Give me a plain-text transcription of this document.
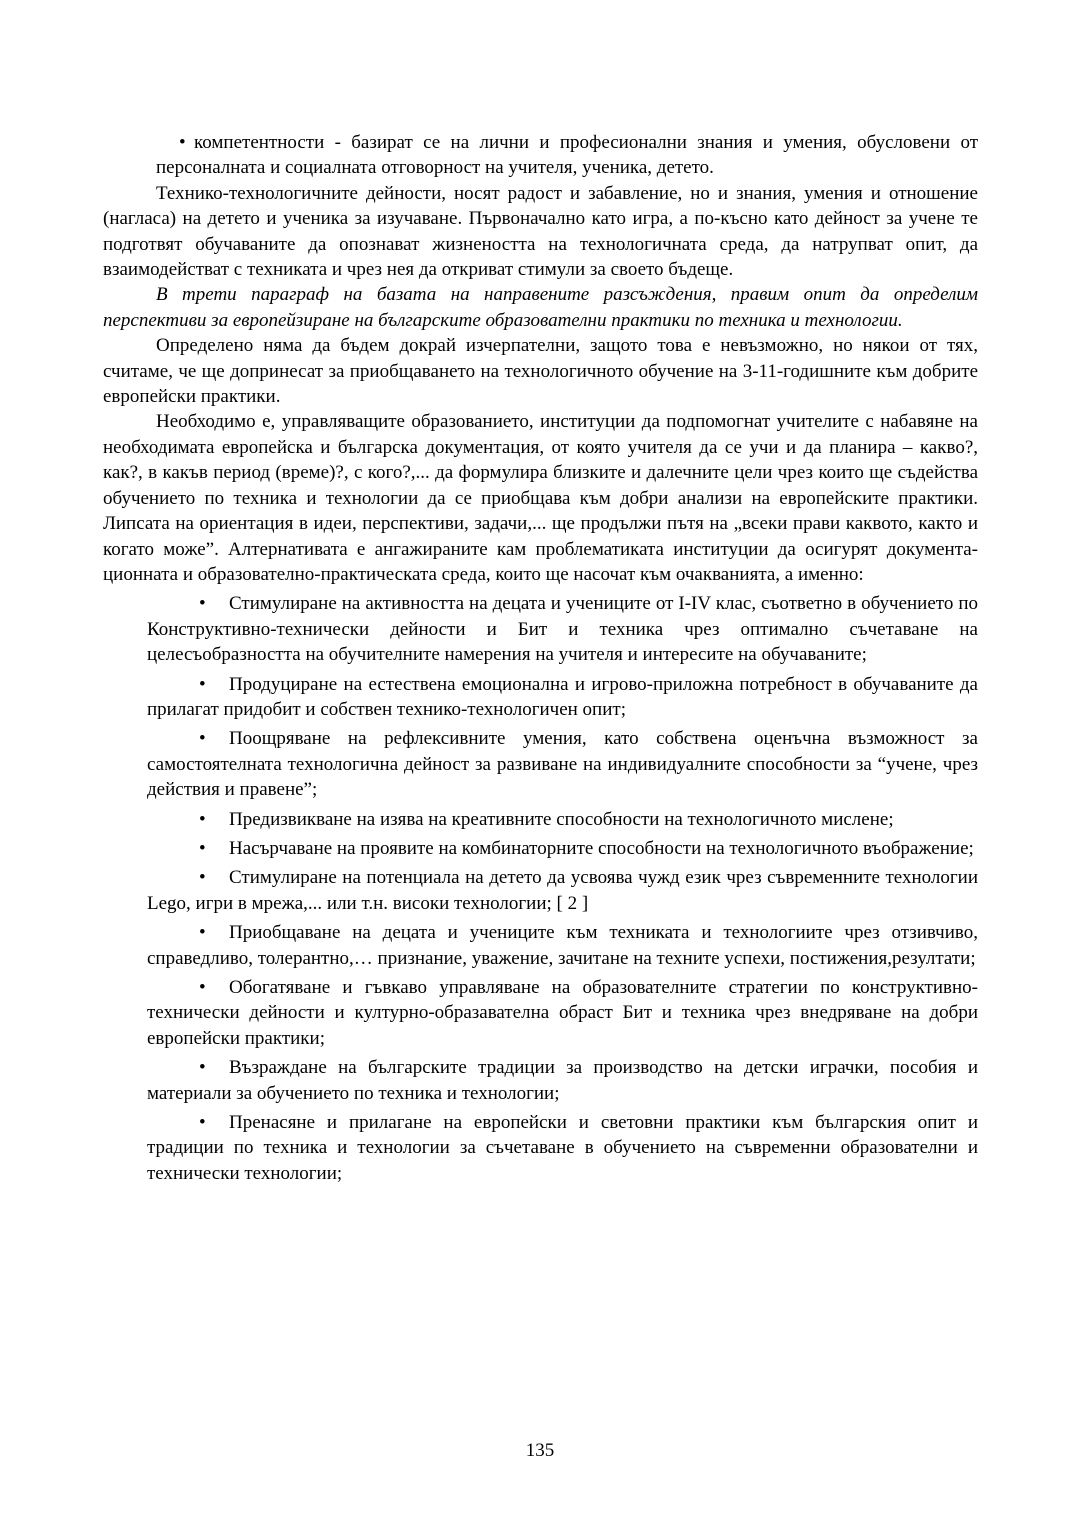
• компетентности - базират се на лични и професионални знания и умения, обусловени от персоналната и социалната отговорност на учителя, ученика, детето.

Технико-технологичните дейности, носят радост и забавление, но и знания, умения и отношение (нагласа) на детето и ученика за изучаване. Първоначално като игра, а по-късно като дейност за учене те подготвят обучаваните да опознават жизнеността на технологичната среда, да натрупват опит, да взаимодействат с техниката и чрез нея да откриват стимули за своето бъдеще.

В трети параграф на базата на направените разсъждения, правим опит да определим перспективи за европейзиране на българските образователни практики по техника и технологии.

Определено няма да бъдем докрай изчерпателни, защото това е невъзможно, но някои от тях, считаме, че ще допринесат за приобщаването на технологичното обучение на 3-11-годишните към добрите европейски практики.

Необходимо е, управляващите образованието, институции да подпомогнат учителите с набавяне на необходимата европейска и българска документация, от която учителя да се учи и да планира – какво?, как?, в какъв период (време)?, с кого?,... да формулира близките и далечните цели чрез които ще съдейства обучението по техника и технологии да се приобщава към добри анализи на европейските практики. Липсата на ориентация в идеи, перспективи, задачи,... ще продължи пътя на „всеки прави каквото, както и когато може”. Алтернативата е ангажираните кам проблематиката институции да осигурят документа-ционната и образователно-практическата среда, които ще насочат към очакванията, а именно:

• Стимулиране на активността на децата и учениците от I-IV клас, съответно в обучението по Конструктивно-технически дейности и Бит и техника чрез оптимално съчетаване на целесъобразността на обучителните намерения на учителя и интересите на обучаваните;
• Продуциране на естествена емоционална и игрово-приложна потребност в обучаваните да прилагат придобит и собствен технико-технологичен опит;
• Поощряване на рефлексивните умения, като собствена оценъчна възможност за самостоятелната технологична дейност за развиване на индивидуалните способности за “учене, чрез действия и правене”;
• Предизвикване на изява на креативните способности на технологичното мислене;
• Насърчаване на проявите на комбинаторните способности на технологичното въображение;
• Стимулиране на потенциала на детето да усвоява чужд език чрез съвременните технологии Lego, игри в мрежа,... или т.н. високи технологии; [ 2 ]
• Приобщаване на децата и учениците към техниката и технологиите чрез отзивчиво, справедливо, толерантно,… признание, уважение, зачитане на техните успехи, постижения,резултати;
• Обогатяване и гъвкаво управляване на образователните стратегии по конструктивно-технически дейности и културно-образавателна обраст Бит и техника чрез внедряване на добри европейски практики;
• Възраждане на българските традиции за производство на детски играчки, пособия и материали за обучението по техника и технологии;
• Пренасяне и прилагане на европейски и световни практики към българския опит и традиции по техника и технологии за съчетаване в обучението на съвременни образователни и технически технологии;
135
